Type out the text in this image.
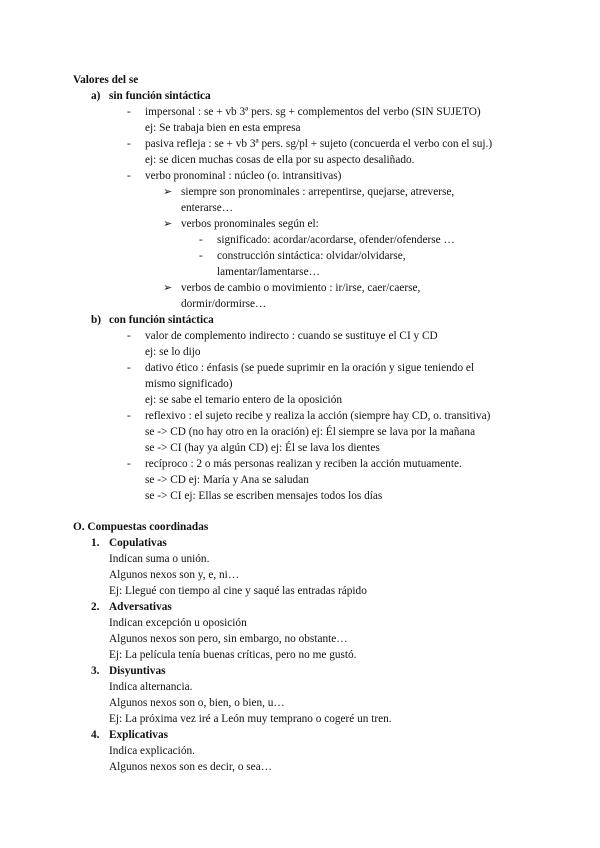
Valores del se
a) sin función sintáctica
- impersonal : se + vb 3ª pers. sg + complementos del verbo (SIN SUJETO)
ej: Se trabaja bien en esta empresa
- pasiva refleja : se + vb 3ª pers. sg/pl + sujeto (concuerda el verbo con el suj.)
ej: se dicen muchas cosas de ella por su aspecto desaliñado.
- verbo pronominal : núcleo (o. intransitivas)
➢ siempre son pronominales : arrepentirse, quejarse, atreverse,
enterarse…
➢ verbos pronominales según el:
- significado: acordar/acordarse, ofender/ofenderse …
- construcción sintáctica: olvidar/olvidarse,
lamentar/lamentarse…
➢ verbos de cambio o movimiento : ir/irse, caer/caerse,
dormir/dormirse…
b) con función sintáctica
- valor de complemento indirecto : cuando se sustituye el CI y CD
ej: se lo dijo
- dativo ético : énfasis (se puede suprimir en la oración y sigue teniendo el
mismo significado)
ej: se sabe el temario entero de la oposición
- reflexivo : el sujeto recibe y realiza la acción (siempre hay CD, o. transitiva)
se -> CD (no hay otro en la oración) ej: Él siempre se lava por la mañana
se -> CI (hay ya algún CD) ej: Él se lava los dientes
- recíproco : 2 o más personas realizan y reciben la acción mutuamente.
se -> CD ej: María y Ana se saludan
se -> CI ej: Ellas se escriben mensajes todos los días
O. Compuestas coordinadas
1. Copulativas
Indican suma o unión.
Algunos nexos son y, e, ni…
Ej: Llegué con tiempo al cine y saqué las entradas rápido
2. Adversativas
Indican excepción u oposición
Algunos nexos son pero, sin embargo, no obstante…
Ej: La película tenía buenas críticas, pero no me gustó.
3. Disyuntivas
Indica alternancia.
Algunos nexos son o, bien, o bien, u…
Ej: La próxima vez iré a León muy temprano o cogeré un tren.
4. Explicativas
Indica explicación.
Algunos nexos son es decir, o sea…
